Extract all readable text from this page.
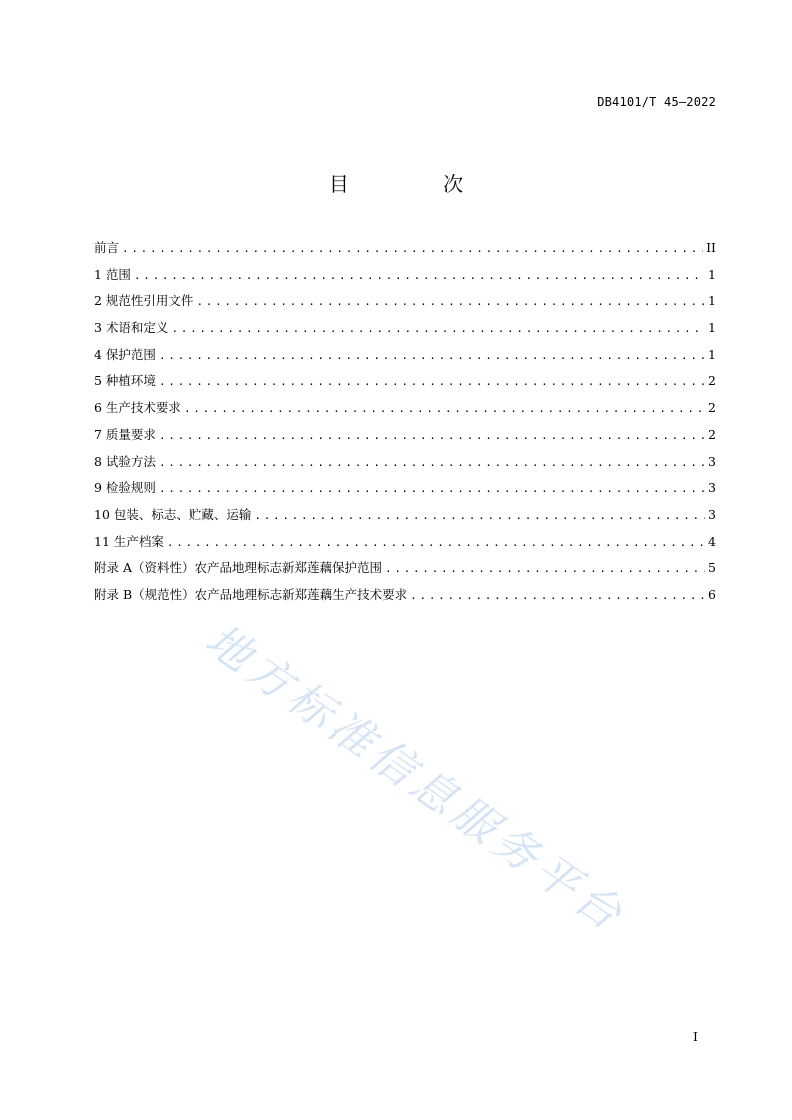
DB4101/T 45—2022
目 次
前言 .....	II
1 范围 .....	1
2 规范性引用文件 .....	1
3 术语和定义 .....	1
4 保护范围 .....	1
5 种植环境 .....	2
6 生产技术要求 .....	2
7 质量要求 .....	2
8 试验方法 .....	3
9 检验规则 .....	3
10 包装、标志、贮藏、运输 .....	3
11 生产档案 .....	4
附录 A（资料性）农产品地理标志新郑莲藕保护范围 .....	5
附录 B（规范性）农产品地理标志新郑莲藕生产技术要求 .....	6
地方标准信息服务平台
I
